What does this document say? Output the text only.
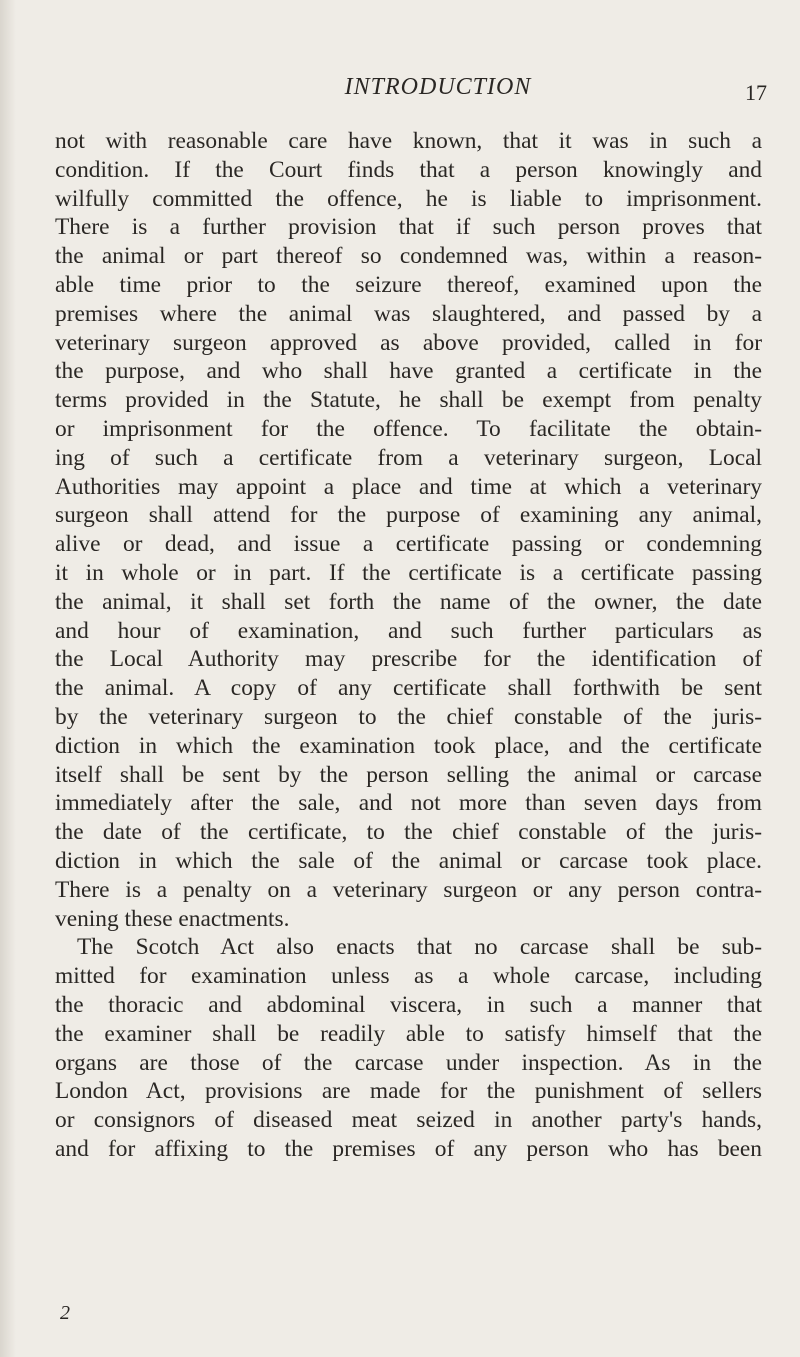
INTRODUCTION	17
not with reasonable care have known, that it was in such a
condition. If the Court finds that a person knowingly and
wilfully committed the offence, he is liable to imprisonment.
There is a further provision that if such person proves that
the animal or part thereof so condemned was, within a reason-
able time prior to the seizure thereof, examined upon the
premises where the animal was slaughtered, and passed by a
veterinary surgeon approved as above provided, called in for
the purpose, and who shall have granted a certificate in the
terms provided in the Statute, he shall be exempt from penalty
or imprisonment for the offence. To facilitate the obtain-
ing of such a certificate from a veterinary surgeon, Local
Authorities may appoint a place and time at which a veterinary
surgeon shall attend for the purpose of examining any animal,
alive or dead, and issue a certificate passing or condemning
it in whole or in part. If the certificate is a certificate passing
the animal, it shall set forth the name of the owner, the date
and hour of examination, and such further particulars as
the Local Authority may prescribe for the identification of
the animal. A copy of any certificate shall forthwith be sent
by the veterinary surgeon to the chief constable of the juris-
diction in which the examination took place, and the certificate
itself shall be sent by the person selling the animal or carcase
immediately after the sale, and not more than seven days from
the date of the certificate, to the chief constable of the juris-
diction in which the sale of the animal or carcase took place.
There is a penalty on a veterinary surgeon or any person contra-
vening these enactments.
The Scotch Act also enacts that no carcase shall be sub-
mitted for examination unless as a whole carcase, including
the thoracic and abdominal viscera, in such a manner that
the examiner shall be readily able to satisfy himself that the
organs are those of the carcase under inspection. As in the
London Act, provisions are made for the punishment of sellers
or consignors of diseased meat seized in another party's hands,
and for affixing to the premises of any person who has been
2
